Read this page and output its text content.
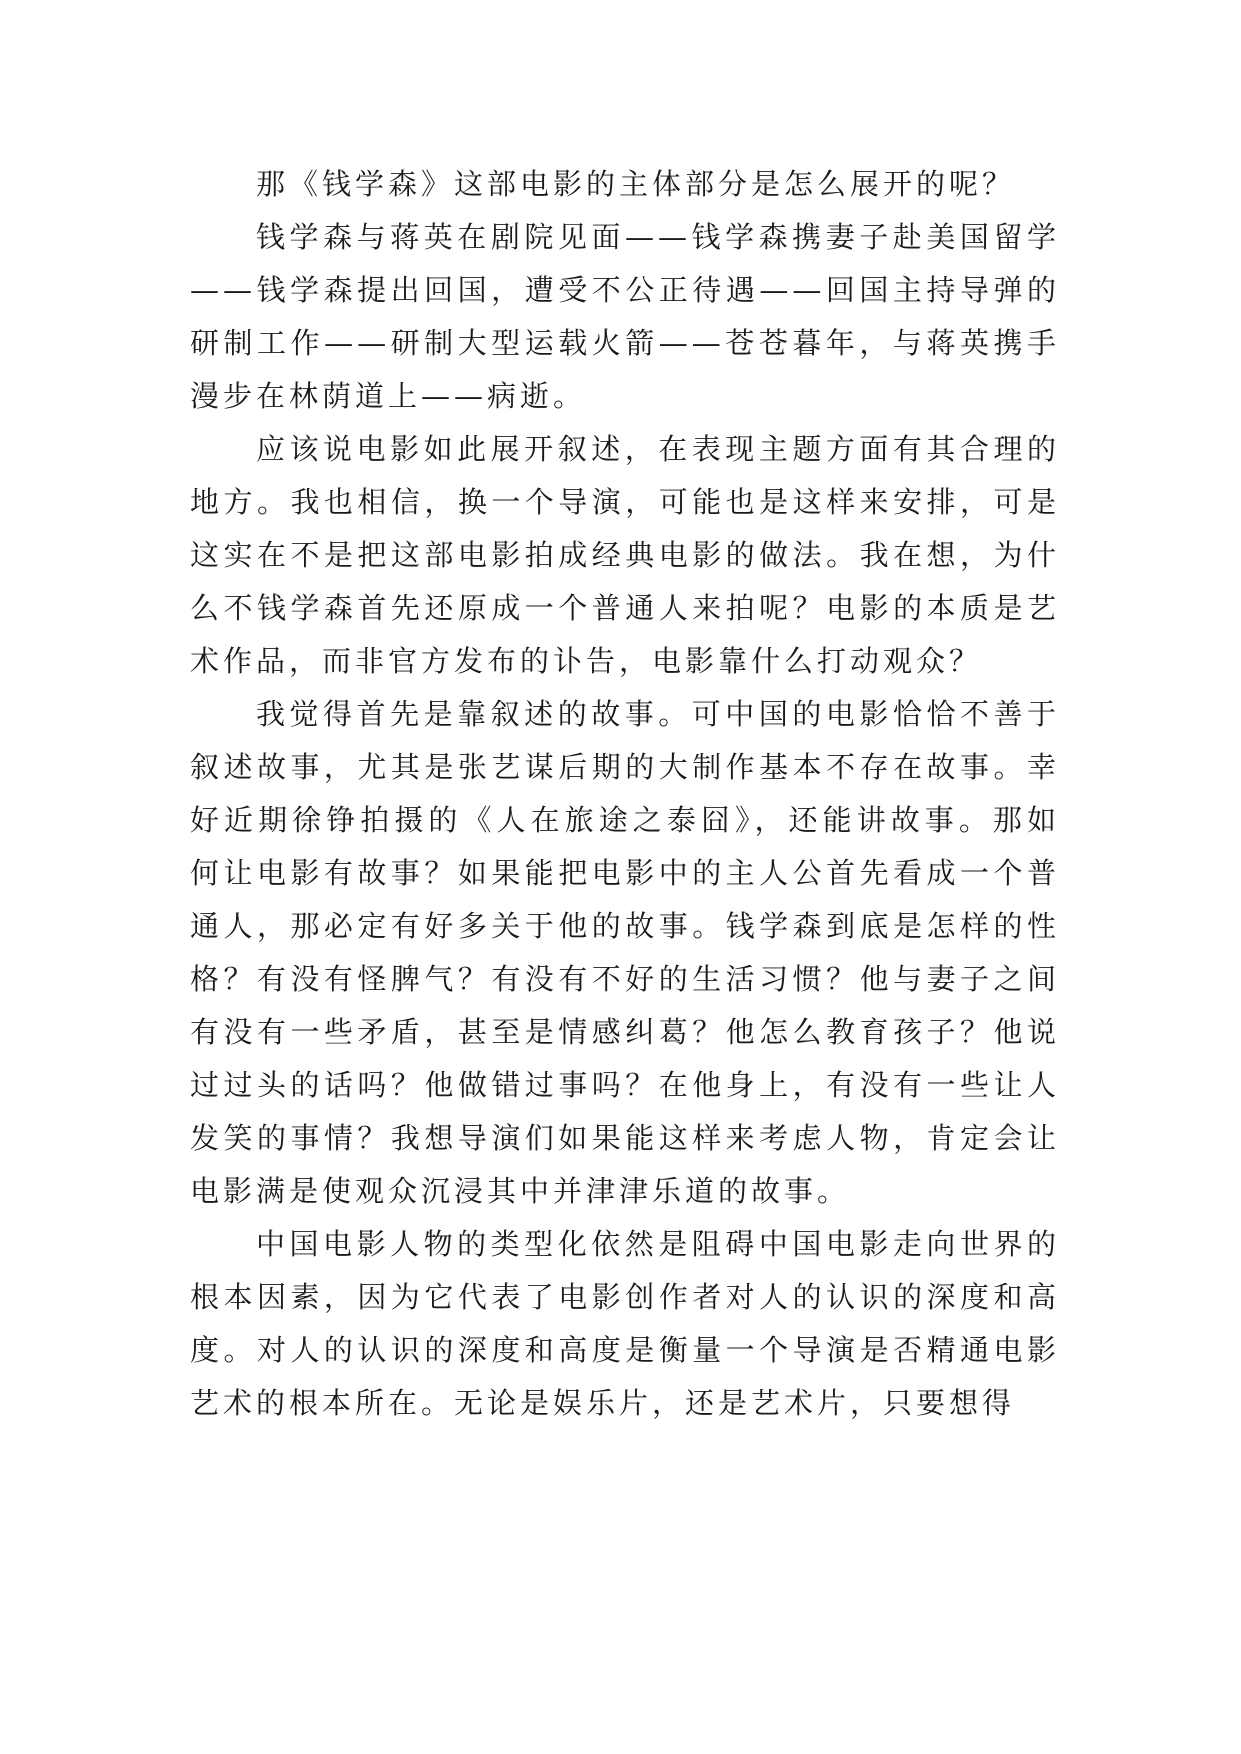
那《钱学森》这部电影的主体部分是怎么展开的呢？

钱学森与蒋英在剧院见面——钱学森携妻子赴美国留学——钱学森提出回国，遭受不公正待遇——回国主持导弹的研制工作——研制大型运载火箭——苍苍暮年，与蒋英携手漫步在林荫道上——病逝。

应该说电影如此展开叙述，在表现主题方面有其合理的地方。我也相信，换一个导演，可能也是这样来安排，可是这实在不是把这部电影拍成经典电影的做法。我在想，为什么不钱学森首先还原成一个普通人来拍呢？电影的本质是艺术作品，而非官方发布的讣告，电影靠什么打动观众？

我觉得首先是靠叙述的故事。可中国的电影恰恰不善于叙述故事，尤其是张艺谋后期的大制作基本不存在故事。幸好近期徐铮拍摄的《人在旅途之泰囧》，还能讲故事。那如何让电影有故事？如果能把电影中的主人公首先看成一个普通人，那必定有好多关于他的故事。钱学森到底是怎样的性格？有没有怪脾气？有没有不好的生活习惯？他与妻子之间有没有一些矛盾，甚至是情感纠葛？他怎么教育孩子？他说过过头的话吗？他做错过事吗？在他身上，有没有一些让人发笑的事情？我想导演们如果能这样来考虑人物，肯定会让电影满是使观众沉浸其中并津津乐道的故事。

中国电影人物的类型化依然是阻碍中国电影走向世界的根本因素，因为它代表了电影创作者对人的认识的深度和高度。对人的认识的深度和高度是衡量一个导演是否精通电影艺术的根本所在。无论是娱乐片，还是艺术片，只要想得
